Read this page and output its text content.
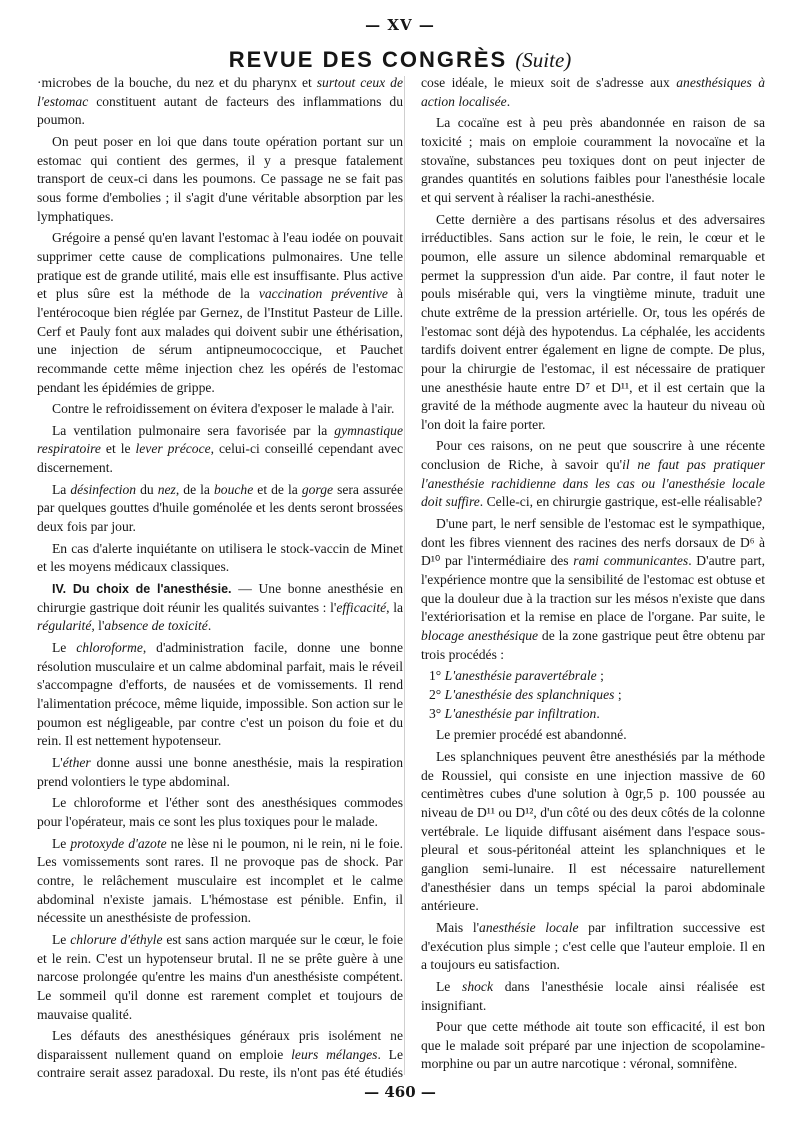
— XV —
REVUE DES CONGRÈS (Suite)

·microbes de la bouche, du nez et du pharynx et surtout ceux de l'estomac constituent autant de facteurs des inflammations du poumon.

On peut poser en loi que dans toute opération portant sur un estomac qui contient des germes, il y a presque fatalement transport de ceux-ci dans les poumons. Ce passage ne se fait pas sous forme d'embolies ; il s'agit d'une véritable absorption par les lymphatiques.

Grégoire a pensé qu'en lavant l'estomac à l'eau iodée on pouvait supprimer cette cause de complications pulmonaires. Une telle pratique est de grande utilité, mais elle est insuffisante. Plus active et plus sûre est la méthode de la vaccination préventive à l'entérocoque bien réglée par Gernez, de l'Institut Pasteur de Lille. Cerf et Pauly font aux malades qui doivent subir une éthérisation, une injection de sérum antipneumococcique, et Pauchet recommande cette même injection chez les opérés de l'estomac pendant les épidémies de grippe.

Contre le refroidissement on évitera d'exposer le malade à l'air.

La ventilation pulmonaire sera favorisée par la gymnastique respiratoire et le lever précoce, celui-ci conseillé cependant avec discernement.

La désinfection du nez, de la bouche et de la gorge sera assurée par quelques gouttes d'huile goménolée et les dents seront brossées deux fois par jour.

En cas d'alerte inquiétante on utilisera le stock-vaccin de Minet et les moyens médicaux classiques.

IV. Du choix de l'anesthésie. — Une bonne anesthésie en chirurgie gastrique doit réunir les qualités suivantes : l'efficacité, la régularité, l'absence de toxicité.

Le chloroforme, d'administration facile, donne une bonne résolution musculaire et un calme abdominal parfait, mais le réveil s'accompagne d'efforts, de nausées et de vomissements. Il rend l'alimentation précoce, même liquide, impossible. Son action sur le poumon est négligeable, par contre c'est un poison du foie et du rein. Il est nettement hypotenseur.

L'éther donne aussi une bonne anesthésie, mais la respiration prend volontiers le type abdominal.

Le chloroforme et l'éther sont des anesthésiques commodes pour l'opérateur, mais ce sont les plus toxiques pour le malade.

Le protoxyde d'azote ne lèse ni le poumon, ni le rein, ni le foie. Les vomissements sont rares. Il ne provoque pas de shock. Par contre, le relâchement musculaire est incomplet et le calme abdominal n'existe jamais. L'hémostase est pénible. Enfin, il nécessite un anesthésiste de profession.

Le chlorure d'éthyle est sans action marquée sur le cœur, le foie et le rein. C'est un hypotenseur brutal. Il ne se prête guère à une narcose prolongée qu'entre les mains d'un anesthésiste compétent. Le sommeil qu'il donne est rarement complet et toujours de mauvaise qualité.

Les défauts des anesthésiques généraux pris isolément ne disparaissent nullement quand on emploie leurs mélanges. Le contraire serait assez paradoxal. Du reste, ils n'ont pas été étudiés

cose idéale, le mieux soit de s'adresse aux anesthésiques à action localisée.

La cocaïne est à peu près abandonnée en raison de sa toxicité ; mais on emploie couramment la novocaïne et la stovaïne, substances peu toxiques dont on peut injecter de grandes quantités en solutions faibles pour l'anesthésie locale et qui servent à réaliser la rachi-anesthésie.

Cette dernière a des partisans résolus et des adversaires irréductibles. Sans action sur le foie, le rein, le cœur et le poumon, elle assure un silence abdominal remarquable et permet la suppression d'un aide. Par contre, il faut noter le pouls misérable qui, vers la vingtième minute, traduit une chute extrême de la pression artérielle. Or, tous les opérés de l'estomac sont déjà des hypotendus. La céphalée, les accidents tardifs doivent entrer également en ligne de compte. De plus, pour la chirurgie de l'estomac, il est nécessaire de pratiquer une anesthésie haute entre D⁷ et D¹¹, et il est certain que la gravité de la méthode augmente avec la hauteur du niveau où l'on doit la faire porter.

Pour ces raisons, on ne peut que souscrire à une récente conclusion de Riche, à savoir qu'il ne faut pas pratiquer l'anesthésie rachidienne dans les cas ou l'anesthésie locale doit suffire. Celle-ci, en chirurgie gastrique, est-elle réalisable?

D'une part, le nerf sensible de l'estomac est le sympathique, dont les fibres viennent des racines des nerfs dorsaux de D⁶ à D¹⁰ par l'intermédiaire des rami communicantes. D'autre part, l'expérience montre que la sensibilité de l'estomac est obtuse et que la douleur due à la traction sur les mésos n'existe que dans l'extériorisation et la remise en place de l'organe. Par suite, le blocage anesthésique de la zone gastrique peut être obtenu par trois procédés :

1° L'anesthésie paravertébrale ;

2° L'anesthésie des splanchniques ;

3° L'anesthésie par infiltration.

Le premier procédé est abandonné.

Les splanchniques peuvent être anesthésiés par la méthode de Roussiel, qui consiste en une injection massive de 60 centimètres cubes d'une solution à 0gr,5 p. 100 poussée au niveau de D¹¹ ou D¹², d'un côté ou des deux côtés de la colonne vertébrale. Le liquide diffusant aisément dans l'espace sous-pleural et sous-péritonéal atteint les splanchniques et le ganglion semi-lunaire. Il est nécessaire naturellement d'anesthésier dans un temps spécial la paroi abdominale antérieure.

Mais l'anesthésie locale par infiltration successive est d'exécution plus simple ; c'est celle que l'auteur emploie. Il en a toujours eu satisfaction.

Le shock dans l'anesthésie locale ainsi réalisée est insignifiant.

Pour que cette méthode ait toute son efficacité, il est bon que le malade soit préparé par une injection de scopolamine-morphine ou par un autre narcotique : véronal, somnifène.

— 460 —
